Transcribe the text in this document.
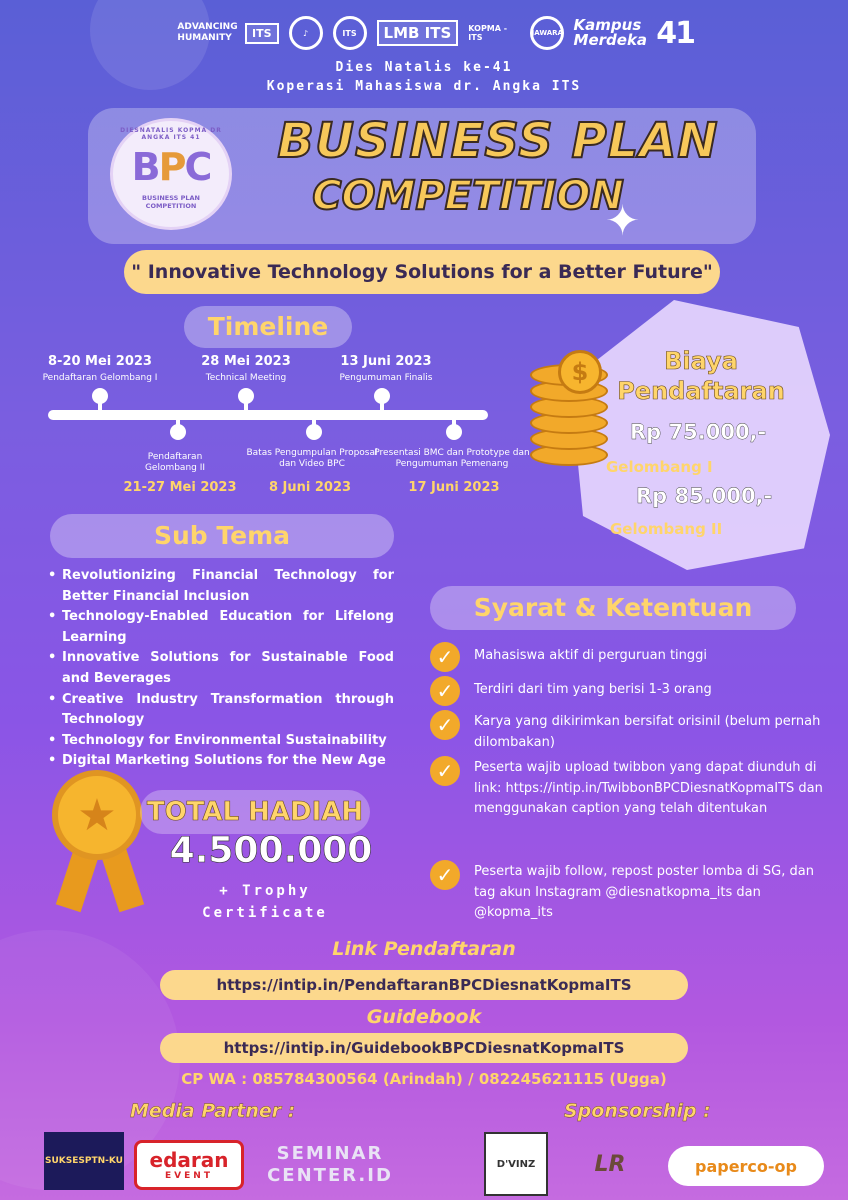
ADVANCING HUMANITY	ITS	♪	ITS	LMB ITS	KOPMA - ITS	JAWARA Kampus Merdeka 41
Dies Natalis ke-41
Koperasi Mahasiswa dr. Angka ITS
DIESNATALIS KOPMA DR ANGKA ITS 41
BPC
BUSINESS PLAN
COMPETITION
BUSINESS PLAN
COMPETITION
✦
" Innovative Technology Solutions for a Better Future"
Timeline
8-20 Mei 2023
Pendaftaran Gelombang I
Pendaftaran Gelombang II
21-27 Mei 2023
28 Mei 2023
Technical Meeting
Batas Pengumpulan Proposal dan Video BPC
8 Juni 2023
13 Juni 2023
Pengumuman Finalis
Presentasi BMC dan Prototype dan Pengumuman Pemenang
17 Juni 2023
$	Biaya
Pendaftaran
Rp 75.000,-
Gelombang I
Rp 85.000,-
Gelombang II
Sub Tema
• Revolutionizing Financial Technology for Better Financial Inclusion
• Technology-Enabled Education for Lifelong Learning
• Innovative Solutions for Sustainable Food and Beverages
• Creative Industry Transformation through Technology
• Technology for Environmental Sustainability
• Digital Marketing Solutions for the New Age
Syarat & Ketentuan
✓	Mahasiswa aktif di perguruan tinggi
✓	Terdiri dari tim yang berisi 1-3 orang
✓	Karya yang dikirimkan bersifat orisinil (belum pernah dilombakan)
✓	Peserta wajib upload twibbon yang dapat diunduh di link: https://intip.in/TwibbonBPCDiesnatKopmaITS dan menggunakan caption yang telah ditentukan
✓	Peserta wajib follow, repost poster lomba di SG, dan tag akun Instagram @diesnatkopma_its dan @kopma_its
★	TOTAL HADIAH
4.500.000
+ Trophy
Certificate
Link Pendaftaran
https://intip.in/PendaftaranBPCDiesnatKopmaITS
Guidebook
https://intip.in/GuidebookBPCDiesnatKopmaITS
CP WA : 085784300564 (Arindah) / 082245621115 (Ugga)
Media Partner :	Sponsorship :
SUKSESPTN-KU edaran
EVENT
SEMINAR
CENTER.ID
D'VINZ	LR	paperco-op
